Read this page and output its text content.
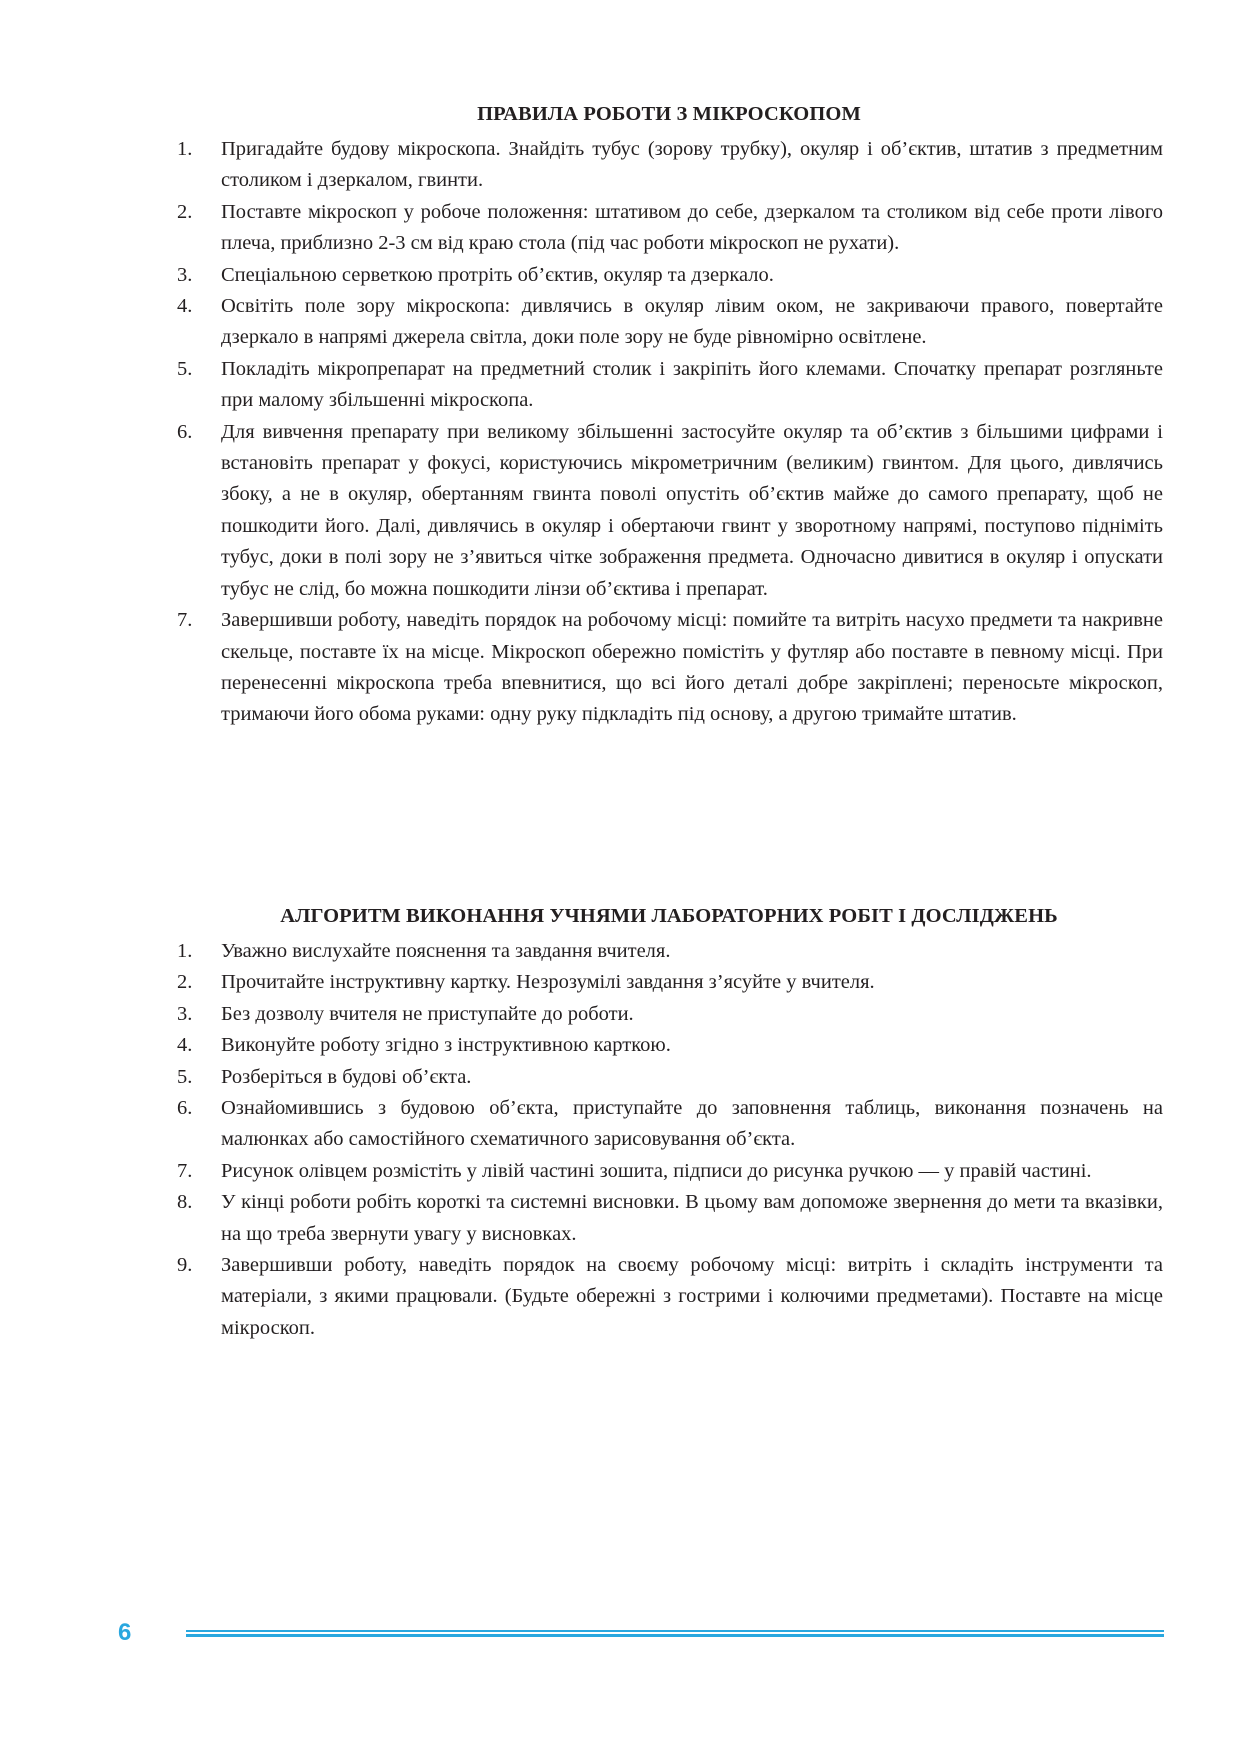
ПРАВИЛА РОБОТИ З МІКРОСКОПОМ
1. Пригадайте будову мікроскопа. Знайдіть тубус (зорову трубку), окуляр і об’єктив, штатив з предметним столиком і дзеркалом, гвинти.
2. Поставте мікроскоп у робоче положення: штативом до себе, дзеркалом та столиком від себе проти лівого плеча, приблизно 2-3 см від краю стола (під час роботи мікроскоп не рухати).
3. Спеціальною серветкою протріть об’єктив, окуляр та дзеркало.
4. Освітіть поле зору мікроскопа: дивлячись в окуляр лівим оком, не закриваючи правого, повертайте дзеркало в напрямі джерела світла, доки поле зору не буде рівномірно освітлене.
5. Покладіть мікропрепарат на предметний столик і закріпіть його клемами. Спочатку препарат розгляньте при малому збільшенні мікроскопа.
6. Для вивчення препарату при великому збільшенні застосуйте окуляр та об’єктив з більшими цифрами і встановіть препарат у фокусі, користуючись мікрометричним (великим) гвинтом. Для цього, дивлячись збоку, а не в окуляр, обертанням гвинта поволі опустіть об’єктив майже до самого препарату, щоб не пошкодити його. Далі, дивлячись в окуляр і обертаючи гвинт у зворотному напрямі, поступово підніміть тубус, доки в полі зору не з’явиться чітке зображення предмета. Одночасно дивитися в окуляр і опускати тубус не слід, бо можна пошкодити лінзи об’єктива і препарат.
7. Завершивши роботу, наведіть порядок на робочому місці: помийте та витріть насухо предмети та накривне скельце, поставте їх на місце. Мікроскоп обережно помістіть у футляр або поставте в певному місці. При перенесенні мікроскопа треба впевнитися, що всі його деталі добре закріплені; переносьте мікроскоп, тримаючи його обома руками: одну руку підкладіть під основу, а другою тримайте штатив.
АЛГОРИТМ ВИКОНАННЯ УЧНЯМИ ЛАБОРАТОРНИХ РОБІТ І ДОСЛІДЖЕНЬ
1. Уважно вислухайте пояснення та завдання вчителя.
2. Прочитайте інструктивну картку. Незрозумілі завдання з’ясуйте у вчителя.
3. Без дозволу вчителя не приступайте до роботи.
4. Виконуйте роботу згідно з інструктивною карткою.
5. Розберіться в будові об’єкта.
6. Ознайомившись з будовою об’єкта, приступайте до заповнення таблиць, виконання позначень на малюнках або самостійного схематичного зарисовування об’єкта.
7. Рисунок олівцем розмістіть у лівій частині зошита, підписи до рисунка ручкою — у правій частині.
8. У кінці роботи робіть короткі та системні висновки. В цьому вам допоможе звернення до мети та вказівки, на що треба звернути увагу у висновках.
9. Завершивши роботу, наведіть порядок на своєму робочому місці: витріть і складіть інструменти та матеріали, з якими працювали. (Будьте обережні з гострими і колючими предметами). Поставте на місце мікроскоп.
6
